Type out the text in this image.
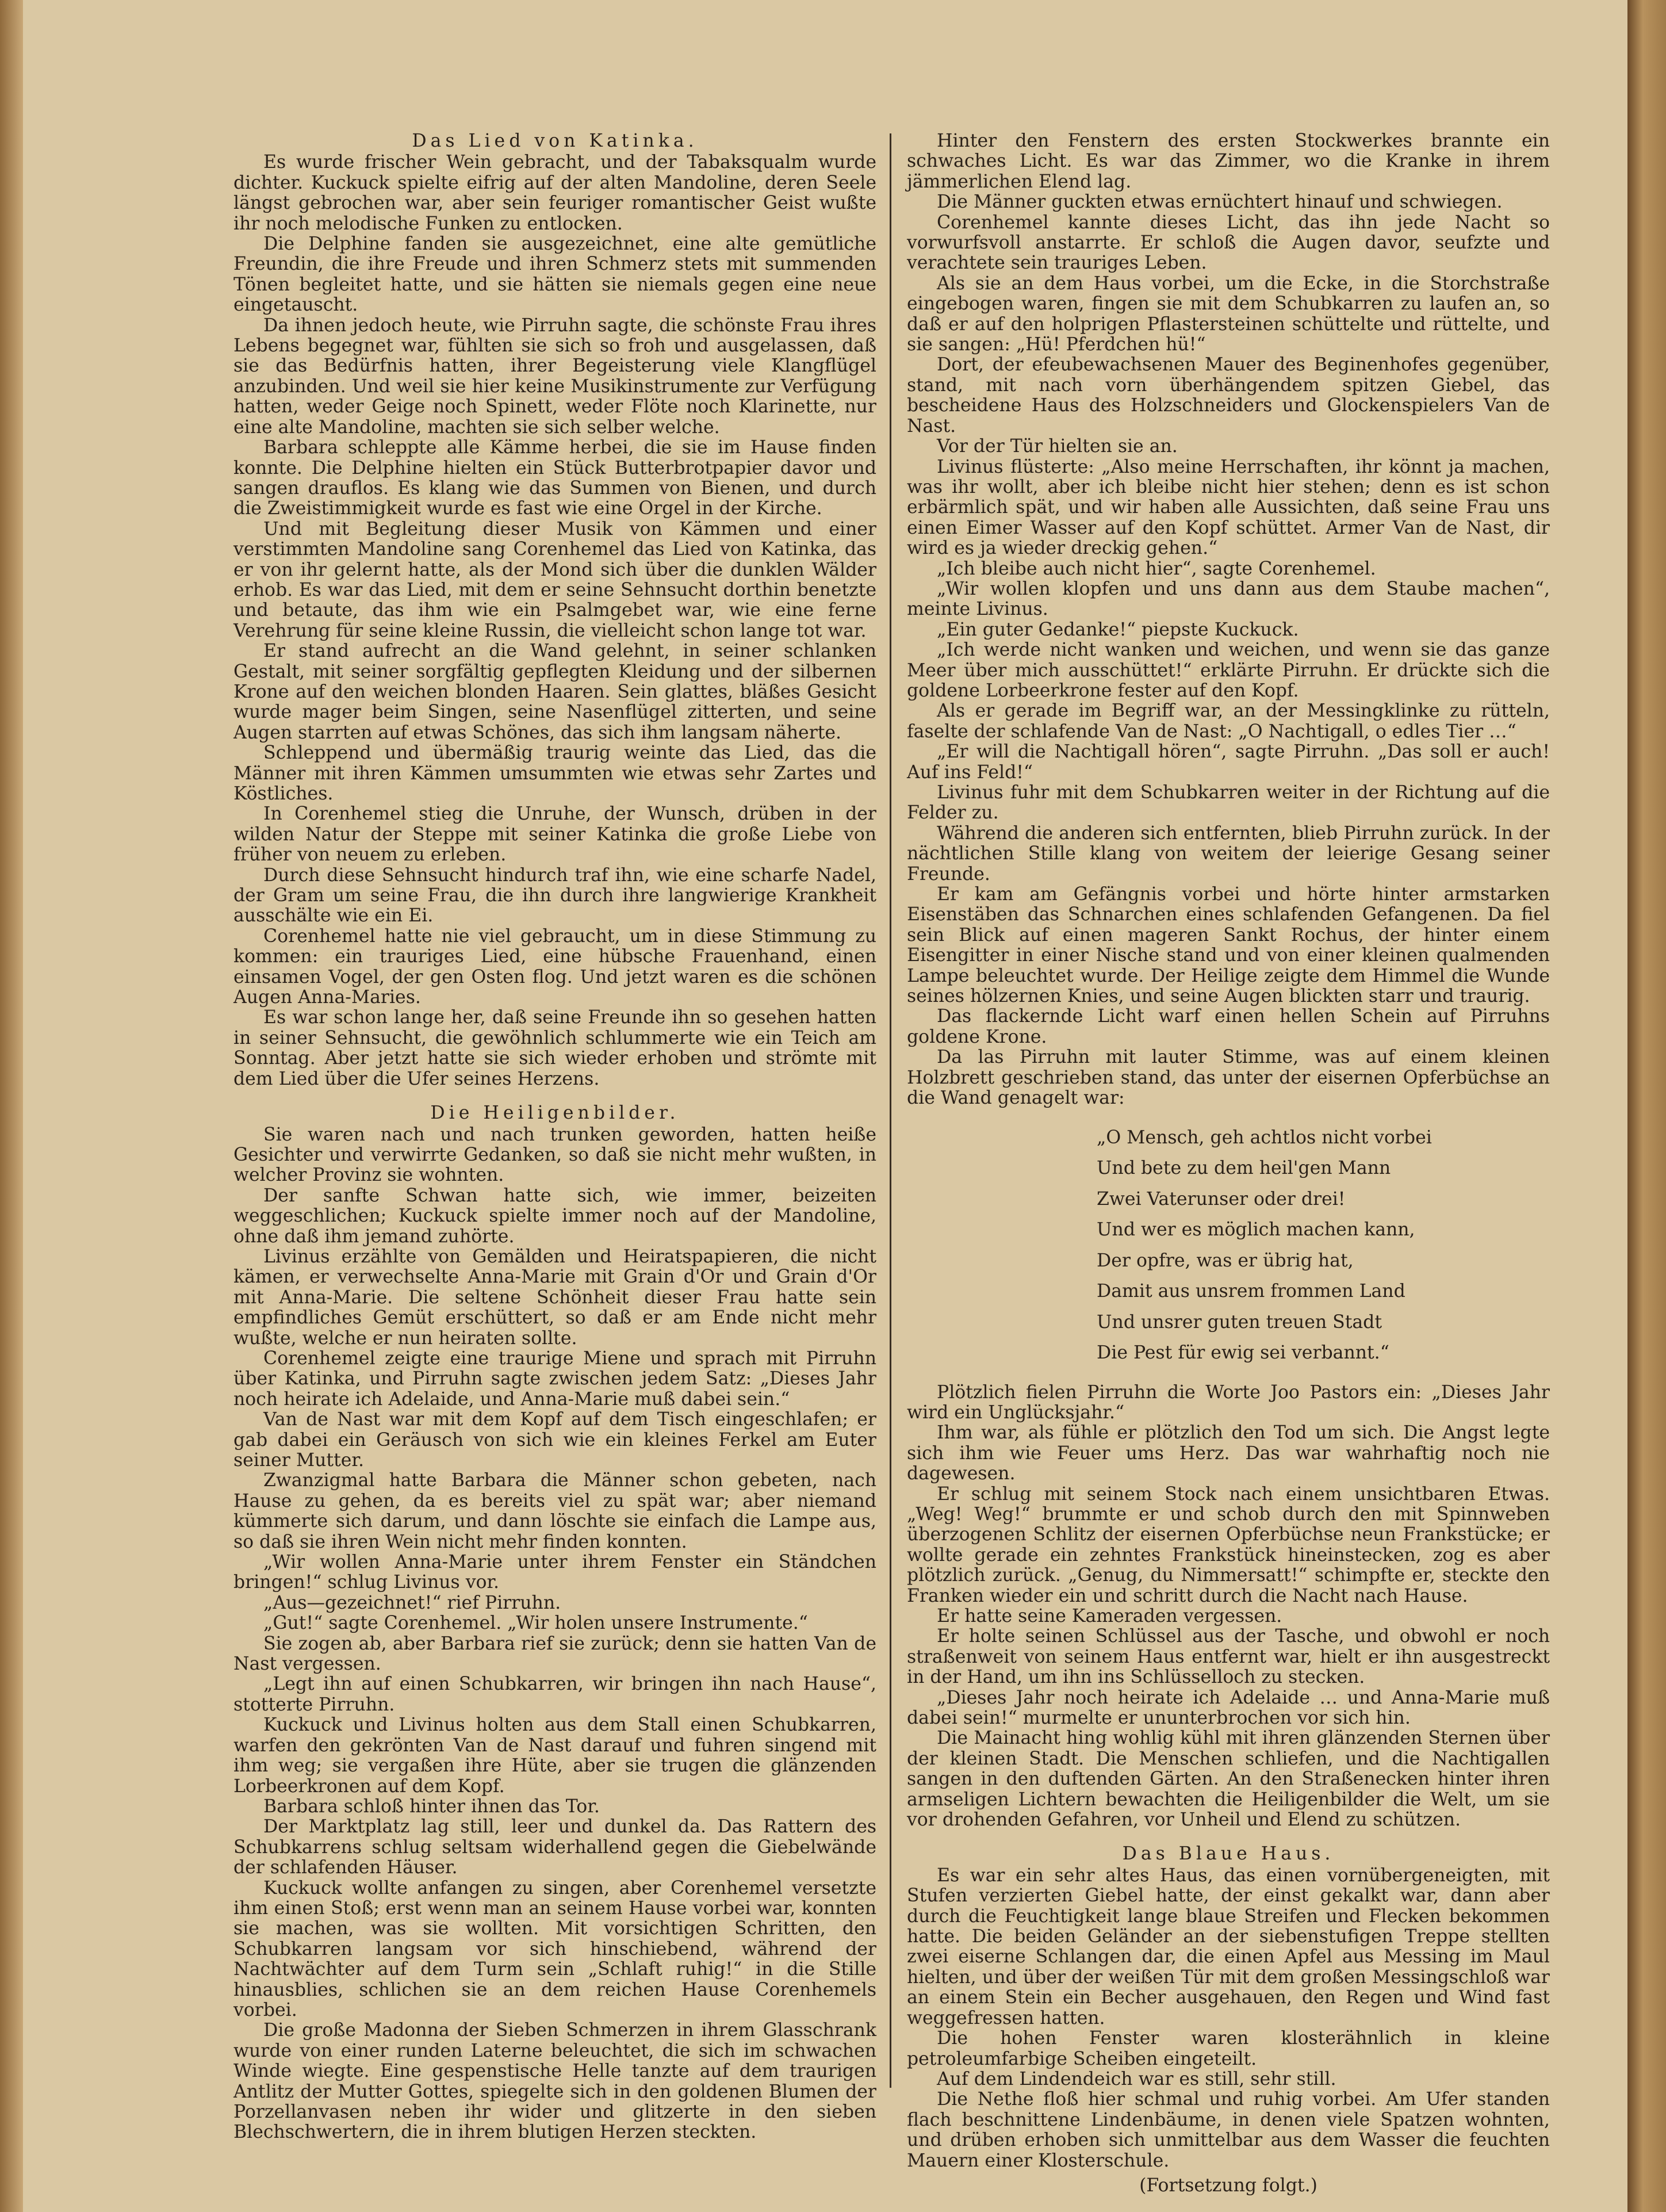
Das Lied von Katinka.

Es wurde frischer Wein gebracht, und der Tabaksqualm wurde dichter. Kuckuck spielte eifrig auf der alten Mandoline, deren Seele längst gebrochen war, aber sein feuriger romantischer Geist wußte ihr noch melodische Funken zu entlocken.

Die Delphine fanden sie ausgezeichnet, eine alte gemütliche Freundin, die ihre Freude und ihren Schmerz stets mit summenden Tönen begleitet hatte, und sie hätten sie niemals gegen eine neue eingetauscht.

Da ihnen jedoch heute, wie Pirruhn sagte, die schönste Frau ihres Lebens begegnet war, fühlten sie sich so froh und ausgelassen, daß sie das Bedürfnis hatten, ihrer Begeisterung viele Klangflügel anzubinden. Und weil sie hier keine Musikinstrumente zur Verfügung hatten, weder Geige noch Spinett, weder Flöte noch Klarinette, nur eine alte Mandoline, machten sie sich selber welche.

Barbara schleppte alle Kämme herbei, die sie im Hause finden konnte. Die Delphine hielten ein Stück Butterbrotpapier davor und sangen drauflos. Es klang wie das Summen von Bienen, und durch die Zweistimmigkeit wurde es fast wie eine Orgel in der Kirche.

Und mit Begleitung dieser Musik von Kämmen und einer verstimmten Mandoline sang Corenhemel das Lied von Katinka, das er von ihr gelernt hatte, als der Mond sich über die dunklen Wälder erhob. Es war das Lied, mit dem er seine Sehnsucht dorthin benetzte und betaute, das ihm wie ein Psalmgebet war, wie eine ferne Verehrung für seine kleine Russin, die vielleicht schon lange tot war.

Er stand aufrecht an die Wand gelehnt, in seiner schlanken Gestalt, mit seiner sorgfältig gepflegten Kleidung und der silbernen Krone auf den weichen blonden Haaren. Sein glattes, bläßes Gesicht wurde mager beim Singen, seine Nasenflügel zitterten, und seine Augen starrten auf etwas Schönes, das sich ihm langsam näherte.

Schleppend und übermäßig traurig weinte das Lied, das die Männer mit ihren Kämmen umsummten wie etwas sehr Zartes und Köstliches.

In Corenhemel stieg die Unruhe, der Wunsch, drüben in der wilden Natur der Steppe mit seiner Katinka die große Liebe von früher von neuem zu erleben.

Durch diese Sehnsucht hindurch traf ihn, wie eine scharfe Nadel, der Gram um seine Frau, die ihn durch ihre langwierige Krankheit ausschälte wie ein Ei.

Corenhemel hatte nie viel gebraucht, um in diese Stimmung zu kommen: ein trauriges Lied, eine hübsche Frauenhand, einen einsamen Vogel, der gen Osten flog. Und jetzt waren es die schönen Augen Anna-Maries.

Es war schon lange her, daß seine Freunde ihn so gesehen hatten in seiner Sehnsucht, die gewöhnlich schlummerte wie ein Teich am Sonntag. Aber jetzt hatte sie sich wieder erhoben und strömte mit dem Lied über die Ufer seines Herzens.

Die Heiligenbilder.

Sie waren nach und nach trunken geworden, hatten heiße Gesichter und verwirrte Gedanken, so daß sie nicht mehr wußten, in welcher Provinz sie wohnten.

Der sanfte Schwan hatte sich, wie immer, beizeiten weggeschlichen; Kuckuck spielte immer noch auf der Mandoline, ohne daß ihm jemand zuhörte.

Livinus erzählte von Gemälden und Heiratspapieren, die nicht kämen, er verwechselte Anna-Marie mit Grain d'Or und Grain d'Or mit Anna-Marie. Die seltene Schönheit dieser Frau hatte sein empfindliches Gemüt erschüttert, so daß er am Ende nicht mehr wußte, welche er nun heiraten sollte.

Corenhemel zeigte eine traurige Miene und sprach mit Pirruhn über Katinka, und Pirruhn sagte zwischen jedem Satz: „Dieses Jahr noch heirate ich Adelaide, und Anna-Marie muß dabei sein.“

Van de Nast war mit dem Kopf auf dem Tisch eingeschlafen; er gab dabei ein Geräusch von sich wie ein kleines Ferkel am Euter seiner Mutter.

Zwanzigmal hatte Barbara die Männer schon gebeten, nach Hause zu gehen, da es bereits viel zu spät war; aber niemand kümmerte sich darum, und dann löschte sie einfach die Lampe aus, so daß sie ihren Wein nicht mehr finden konnten.

„Wir wollen Anna-Marie unter ihrem Fenster ein Ständchen bringen!“ schlug Livinus vor.

„Aus—gezeichnet!“ rief Pirruhn.

„Gut!“ sagte Corenhemel. „Wir holen unsere Instrumente.“

Sie zogen ab, aber Barbara rief sie zurück; denn sie hatten Van de Nast vergessen.

„Legt ihn auf einen Schubkarren, wir bringen ihn nach Hause“, stotterte Pirruhn.

Kuckuck und Livinus holten aus dem Stall einen Schubkarren, warfen den gekrönten Van de Nast darauf und fuhren singend mit ihm weg; sie vergaßen ihre Hüte, aber sie trugen die glänzenden Lorbeerkronen auf dem Kopf.

Barbara schloß hinter ihnen das Tor.

Der Marktplatz lag still, leer und dunkel da. Das Rattern des Schubkarrens schlug seltsam widerhallend gegen die Giebelwände der schlafenden Häuser.

Kuckuck wollte anfangen zu singen, aber Corenhemel versetzte ihm einen Stoß; erst wenn man an seinem Hause vorbei war, konnten sie machen, was sie wollten. Mit vorsichtigen Schritten, den Schubkarren langsam vor sich hinschiebend, während der Nachtwächter auf dem Turm sein „Schlaft ruhig!“ in die Stille hinausblies, schlichen sie an dem reichen Hause Corenhemels vorbei.

Die große Madonna der Sieben Schmerzen in ihrem Glasschrank wurde von einer runden Laterne beleuchtet, die sich im schwachen Winde wiegte. Eine gespenstische Helle tanzte auf dem traurigen Antlitz der Mutter Gottes, spiegelte sich in den goldenen Blumen der Porzellanvasen neben ihr wider und glitzerte in den sieben Blechschwertern, die in ihrem blutigen Herzen steckten.

Hinter den Fenstern des ersten Stockwerkes brannte ein schwaches Licht. Es war das Zimmer, wo die Kranke in ihrem jämmerlichen Elend lag.

Die Männer guckten etwas ernüchtert hinauf und schwiegen.

Corenhemel kannte dieses Licht, das ihn jede Nacht so vorwurfsvoll anstarrte. Er schloß die Augen davor, seufzte und verachtete sein trauriges Leben.

Als sie an dem Haus vorbei, um die Ecke, in die Storchstraße eingebogen waren, fingen sie mit dem Schubkarren zu laufen an, so daß er auf den holprigen Pflastersteinen schüttelte und rüttelte, und sie sangen: „Hü! Pferdchen hü!“

Dort, der efeubewachsenen Mauer des Beginenhofes gegenüber, stand, mit nach vorn überhängendem spitzen Giebel, das bescheidene Haus des Holzschneiders und Glockenspielers Van de Nast.

Vor der Tür hielten sie an.

Livinus flüsterte: „Also meine Herrschaften, ihr könnt ja machen, was ihr wollt, aber ich bleibe nicht hier stehen; denn es ist schon erbärmlich spät, und wir haben alle Aussichten, daß seine Frau uns einen Eimer Wasser auf den Kopf schüttet. Armer Van de Nast, dir wird es ja wieder dreckig gehen.“

„Ich bleibe auch nicht hier“, sagte Corenhemel.

„Wir wollen klopfen und uns dann aus dem Staube machen“, meinte Livinus.

„Ein guter Gedanke!“ piepste Kuckuck.

„Ich werde nicht wanken und weichen, und wenn sie das ganze Meer über mich ausschüttet!“ erklärte Pirruhn. Er drückte sich die goldene Lorbeerkrone fester auf den Kopf.

Als er gerade im Begriff war, an der Messingklinke zu rütteln, faselte der schlafende Van de Nast: „O Nachtigall, o edles Tier …“

„Er will die Nachtigall hören“, sagte Pirruhn. „Das soll er auch! Auf ins Feld!“

Livinus fuhr mit dem Schubkarren weiter in der Richtung auf die Felder zu.

Während die anderen sich entfernten, blieb Pirruhn zurück. In der nächtlichen Stille klang von weitem der leierige Gesang seiner Freunde.

Er kam am Gefängnis vorbei und hörte hinter armstarken Eisenstäben das Schnarchen eines schlafenden Gefangenen. Da fiel sein Blick auf einen mageren Sankt Rochus, der hinter einem Eisengitter in einer Nische stand und von einer kleinen qualmenden Lampe beleuchtet wurde. Der Heilige zeigte dem Himmel die Wunde seines hölzernen Knies, und seine Augen blickten starr und traurig.

Das flackernde Licht warf einen hellen Schein auf Pirruhns goldene Krone.

Da las Pirruhn mit lauter Stimme, was auf einem kleinen Holzbrett geschrieben stand, das unter der eisernen Opferbüchse an die Wand genagelt war:

„O Mensch, geh achtlos nicht vorbei
Und bete zu dem heil'gen Mann
Zwei Vaterunser oder drei!
Und wer es möglich machen kann,
Der opfre, was er übrig hat,
Damit aus unsrem frommen Land
Und unsrer guten treuen Stadt
Die Pest für ewig sei verbannt.“

Plötzlich fielen Pirruhn die Worte Joo Pastors ein: „Dieses Jahr wird ein Unglücksjahr.“

Ihm war, als fühle er plötzlich den Tod um sich. Die Angst legte sich ihm wie Feuer ums Herz. Das war wahrhaftig noch nie dagewesen.

Er schlug mit seinem Stock nach einem unsichtbaren Etwas. „Weg! Weg!“ brummte er und schob durch den mit Spinnweben überzogenen Schlitz der eisernen Opferbüchse neun Frankstücke; er wollte gerade ein zehntes Frankstück hineinstecken, zog es aber plötzlich zurück. „Genug, du Nimmersatt!“ schimpfte er, steckte den Franken wieder ein und schritt durch die Nacht nach Hause.

Er hatte seine Kameraden vergessen.

Er holte seinen Schlüssel aus der Tasche, und obwohl er noch straßenweit von seinem Haus entfernt war, hielt er ihn ausgestreckt in der Hand, um ihn ins Schlüsselloch zu stecken.

„Dieses Jahr noch heirate ich Adelaide … und Anna-Marie muß dabei sein!“ murmelte er ununterbrochen vor sich hin.

Die Mainacht hing wohlig kühl mit ihren glänzenden Sternen über der kleinen Stadt. Die Menschen schliefen, und die Nachtigallen sangen in den duftenden Gärten. An den Straßenecken hinter ihren armseligen Lichtern bewachten die Heiligenbilder die Welt, um sie vor drohenden Gefahren, vor Unheil und Elend zu schützen.

Das Blaue Haus.

Es war ein sehr altes Haus, das einen vornübergeneigten, mit Stufen verzierten Giebel hatte, der einst gekalkt war, dann aber durch die Feuchtigkeit lange blaue Streifen und Flecken bekommen hatte. Die beiden Geländer an der siebenstufigen Treppe stellten zwei eiserne Schlangen dar, die einen Apfel aus Messing im Maul hielten, und über der weißen Tür mit dem großen Messingschloß war an einem Stein ein Becher ausgehauen, den Regen und Wind fast weggefressen hatten.

Die hohen Fenster waren klosterähnlich in kleine petroleumfarbige Scheiben eingeteilt.

Auf dem Lindendeich war es still, sehr still.

Die Nethe floß hier schmal und ruhig vorbei. Am Ufer standen flach beschnittene Lindenbäume, in denen viele Spatzen wohnten, und drüben erhoben sich unmittelbar aus dem Wasser die feuchten Mauern einer Klosterschule.

(Fortsetzung folgt.)
